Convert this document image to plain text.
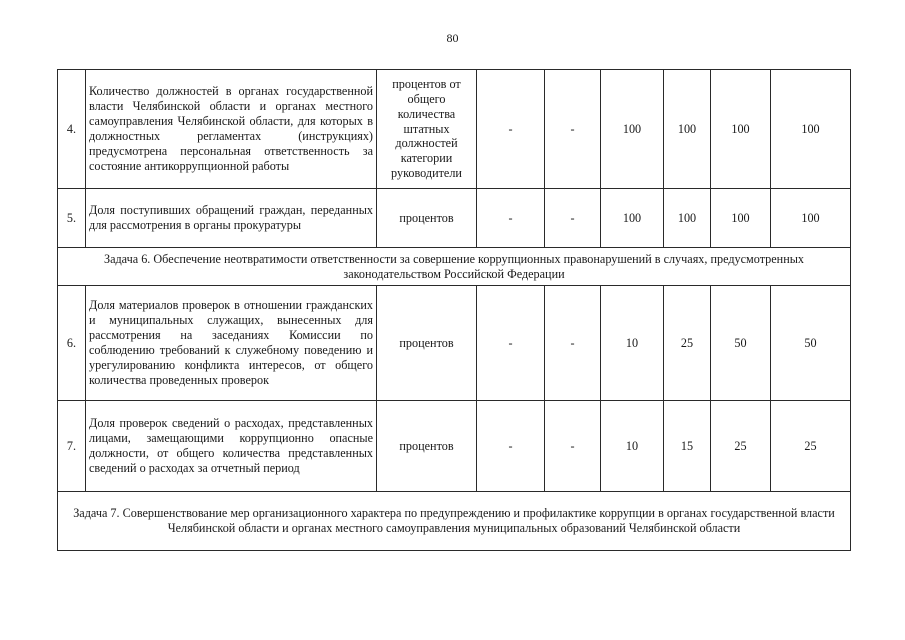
80
4.	Количество должностей в органах государственной власти Челябинской области и органах местного самоуправления Челябинской области, для которых в должностных регламентах (инструкциях) предусмотрена персональная ответственность за состояние антикоррупционной работы	процентов от общего количества штатных должностей категории руководители	-	-	100	100	100	100
5.	Доля поступивших обращений граждан, переданных для рассмотрения в органы прокуратуры	процентов	-	-	100	100	100	100
Задача 6. Обеспечение неотвратимости ответственности за совершение коррупционных правонарушений в случаях, предусмотренных законодательством Российской Федерации								
6.	Доля материалов проверок в отношении гражданских и муниципальных служащих, вынесенных для рассмотрения на заседаниях Комиссии по соблюдению требований к служебному поведению и урегулированию конфликта интересов, от общего количества проведенных проверок	процентов	-	-	10	25	50	50
7.	Доля проверок сведений о расходах, представленных лицами, замещающими коррупционно опасные должности, от общего количества представленных сведений о расходах за отчетный период	процентов	-	-	10	15	25	25
Задача 7. Совершенствование мер организационного характера по предупреждению и профилактике коррупции в органах государственной власти Челябинской области и органах местного самоуправления муниципальных образований Челябинской области								
